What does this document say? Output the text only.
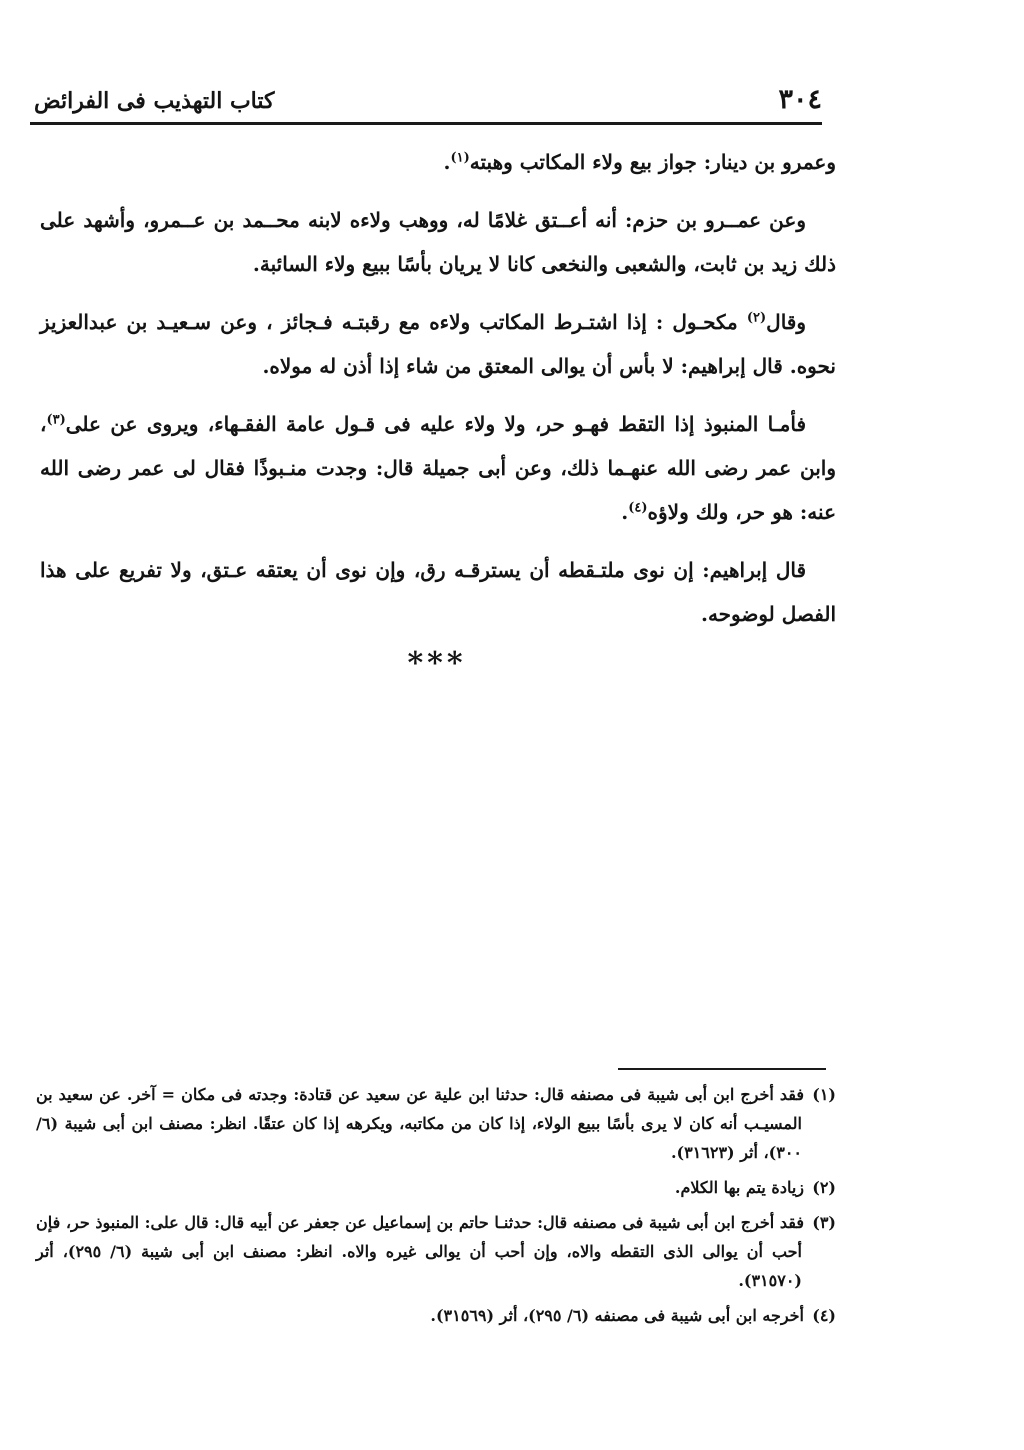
٣٠٤
كتاب التهذيب فى الفرائض

وعمرو بن دينار: جواز بيع ولاء المكاتب وهبته$^{(١)}$.

وعن عمــرو بن حزم: أنه أعــتق غلامًا له، ووهب ولاءه لابنه محــمد بن عــمرو، وأشهد على ذلك زيد بن ثابت، والشعبى والنخعى كانا لا يريان بأسًا ببيع ولاء السائبة.

وقال$^{(٢)}$ مكحـول : إذا اشتـرط المكاتب ولاءه مع رقبتـه فـجائز ، وعن سـعيـد بن عبدالعزيز نحوه. قال إبراهيم: لا بأس أن يوالى المعتق من شاء إذا أذن له مولاه.

فأمـا المنبوذ إذا التقط فهـو حر، ولا ولاء عليه فى قـول عامة الفقـهاء، ويروى عن على$^{(٣)}$، وابن عمر رضى الله عنهـما ذلك، وعن أبى جميلة قال: وجدت منـبوذًا فقال لى عمر رضى الله عنه: هو حر، ولك ولاؤه$^{(٤)}$.

قال إبراهيم: إن نوى ملتـقطه أن يسترقـه رق، وإن نوى أن يعتقه عـتق، ولا تفريع على هذا الفصل لوضوحه.

***

(١)فقد أخرج ابن أبى شيبة فى مصنفه قال: حدثنا ابن علية عن سعيد عن قتادة: وجدته فى مكان = آخر. عن سعيد بن المسيـب أنه كان لا يرى بأسًا ببيع الولاء، إذا كان من مكاتبه، ويكرهه إذا كان عتقًا. انظر: مصنف ابن أبى شيبة (٦/ ٣٠٠)، أثر (٣١٦٢٣).

(٢)زيادة يتم بها الكلام.

(٣)فقد أخرج ابن أبى شيبة فى مصنفه قال: حدثنـا حاتم بن إسماعيل عن جعفر عن أبيه قال: قال على: المنبوذ حر، فإن أحب أن يوالى الذى التقطه والاه، وإن أحب أن يوالى غيره والاه. انظر: مصنف ابن أبى شيبة (٦/ ٢٩٥)، أثر (٣١٥٧٠).

(٤)أخرجه ابن أبى شيبة فى مصنفه (٦/ ٢٩٥)، أثر (٣١٥٦٩).
